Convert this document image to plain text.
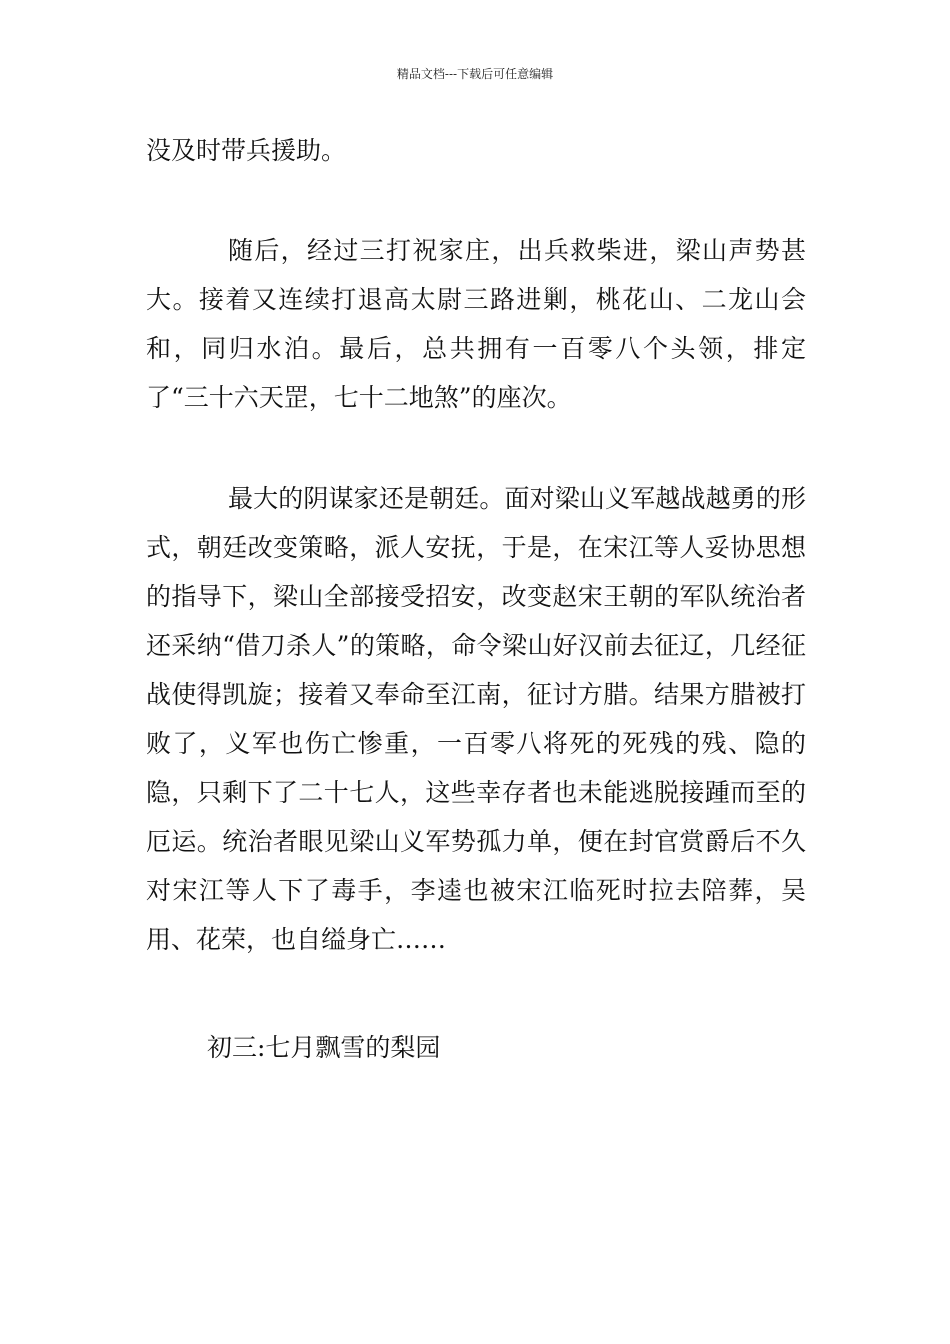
精品文档---下载后可任意编辑
没及时带兵援助。
随后，经过三打祝家庄，出兵救柴进，梁山声势甚大。接着又连续打退高太尉三路进剿，桃花山、二龙山会和，同归水泊。最后，总共拥有一百零八个头领，排定了“三十六天罡，七十二地煞”的座次。
最大的阴谋家还是朝廷。面对梁山义军越战越勇的形式，朝廷改变策略，派人安抚，于是，在宋江等人妥协思想的指导下，梁山全部接受招安，改变赵宋王朝的军队统治者还采纳“借刀杀人”的策略，命令梁山好汉前去征辽，几经征战使得凯旋；接着又奉命至江南，征讨方腊。结果方腊被打败了，义军也伤亡惨重，一百零八将死的死残的残、隐的隐，只剩下了二十七人，这些幸存者也未能逃脱接踵而至的厄运。统治者眼见梁山义军势孤力单，便在封官赏爵后不久对宋江等人下了毒手，李逵也被宋江临死时拉去陪葬，吴用、花荣，也自缢身亡……
初三:七月飘雪的梨园
